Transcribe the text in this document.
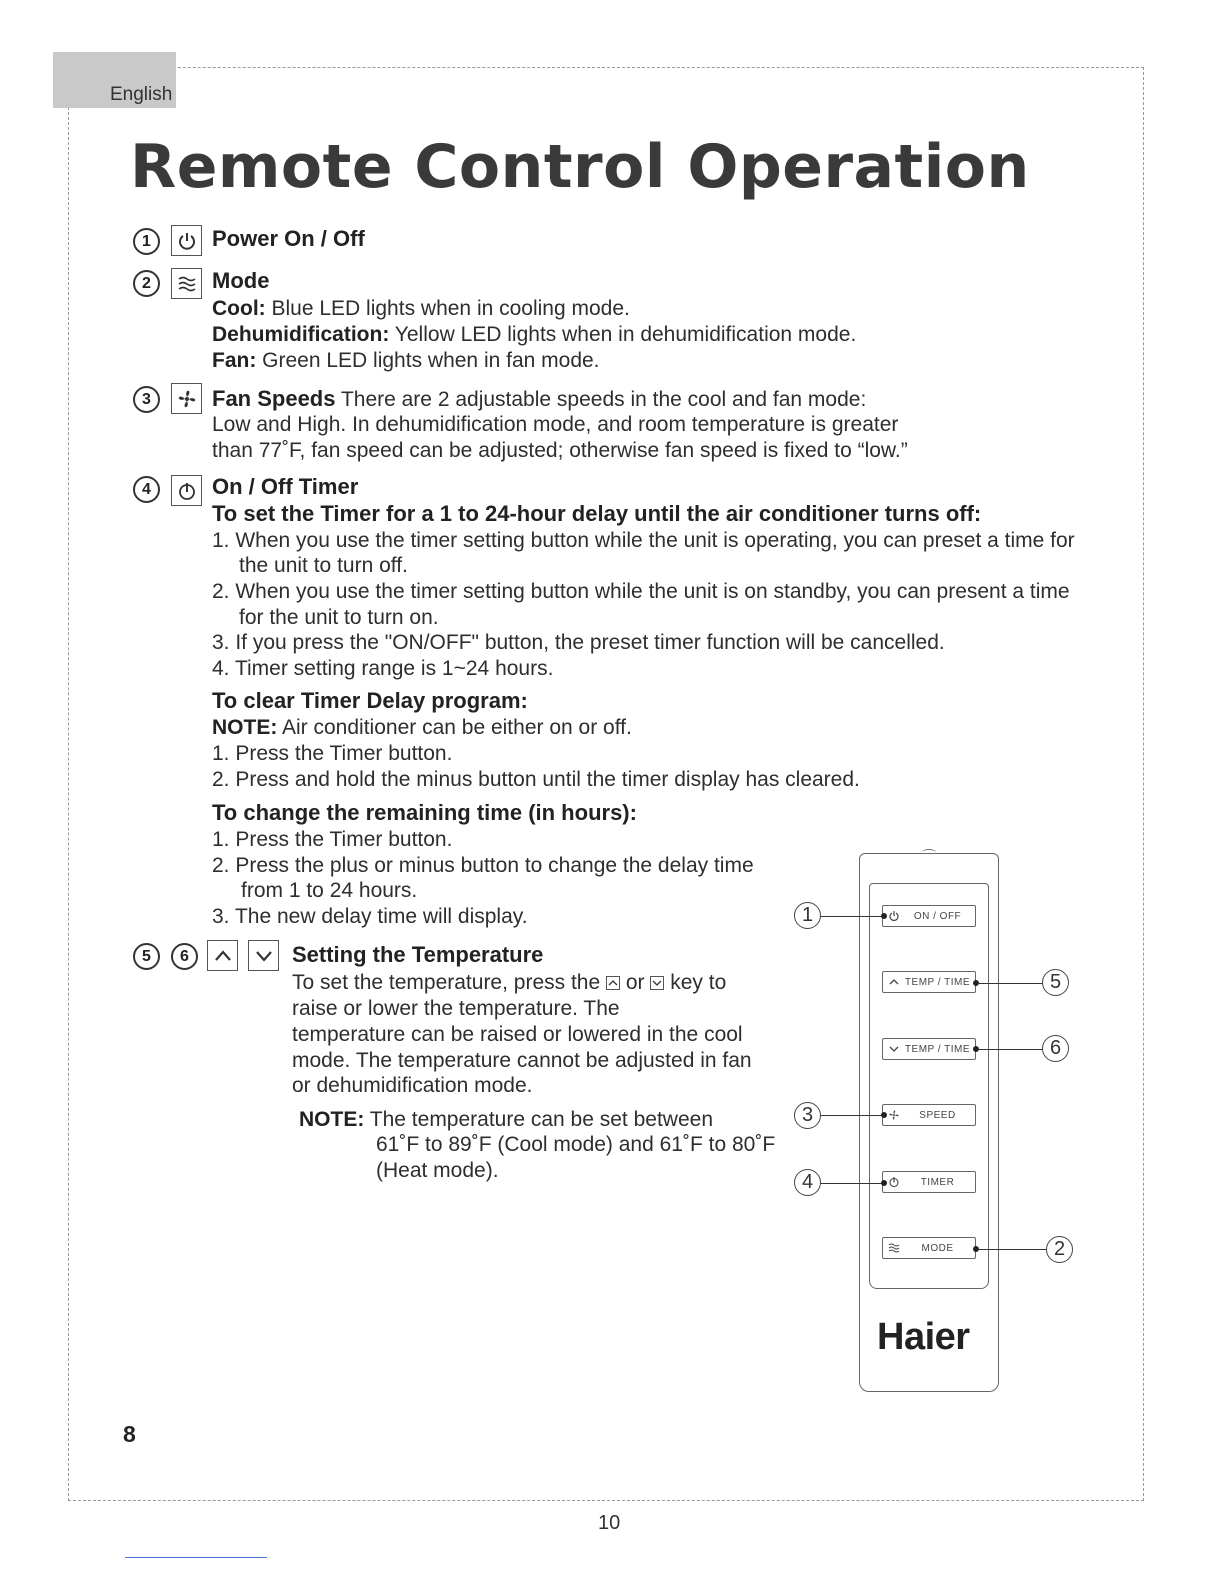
English
Remote Control Operation
1	Power On / Off
2	Mode
Cool: Blue LED lights when in cooling mode.
Dehumidification: Yellow LED lights when in dehumidification mode.
Fan: Green LED lights when in fan mode.
3	Fan Speeds There are 2 adjustable speeds in the cool and fan mode:
Low and High. In dehumidification mode, and room temperature is greater
than 77˚F, fan speed can be adjusted; otherwise fan speed is fixed to “low.”
4	On / Off Timer
To set the Timer for a 1 to 24-hour delay until the air conditioner turns off:
1. When you use the timer setting button while the unit is operating, you can preset a time for
the unit to turn off.
2. When you use the timer setting button while the unit is on standby, you can present a time
for the unit to turn on.
3. If you press the "ON/OFF" button, the preset timer function will be cancelled.
4. Timer setting range is 1~24 hours.
To clear Timer Delay program:
NOTE: Air conditioner can be either on or off.
1. Press the Timer button.
2. Press and hold the minus button until the timer display has cleared.
To change the remaining time (in hours):
1. Press the Timer button.
2. Press the plus or minus button to change the delay time
from 1 to 24 hours.
3. The new delay time will display.
5	6	Setting the Temperature
To set the temperature, press the or key to
raise or lower the temperature. The
temperature can be raised or lowered in the cool
mode. The temperature cannot be adjusted in fan
or dehumidification mode.
NOTE: The temperature can be set between
61˚F to 89˚F (Cool mode) and 61˚F to 80˚F
(Heat mode).
ON / OFF
1
TEMP / TIME	5
TEMP / TIME	6
SPEED
3
TIMER
4
MODE	2
Haier
8
10
